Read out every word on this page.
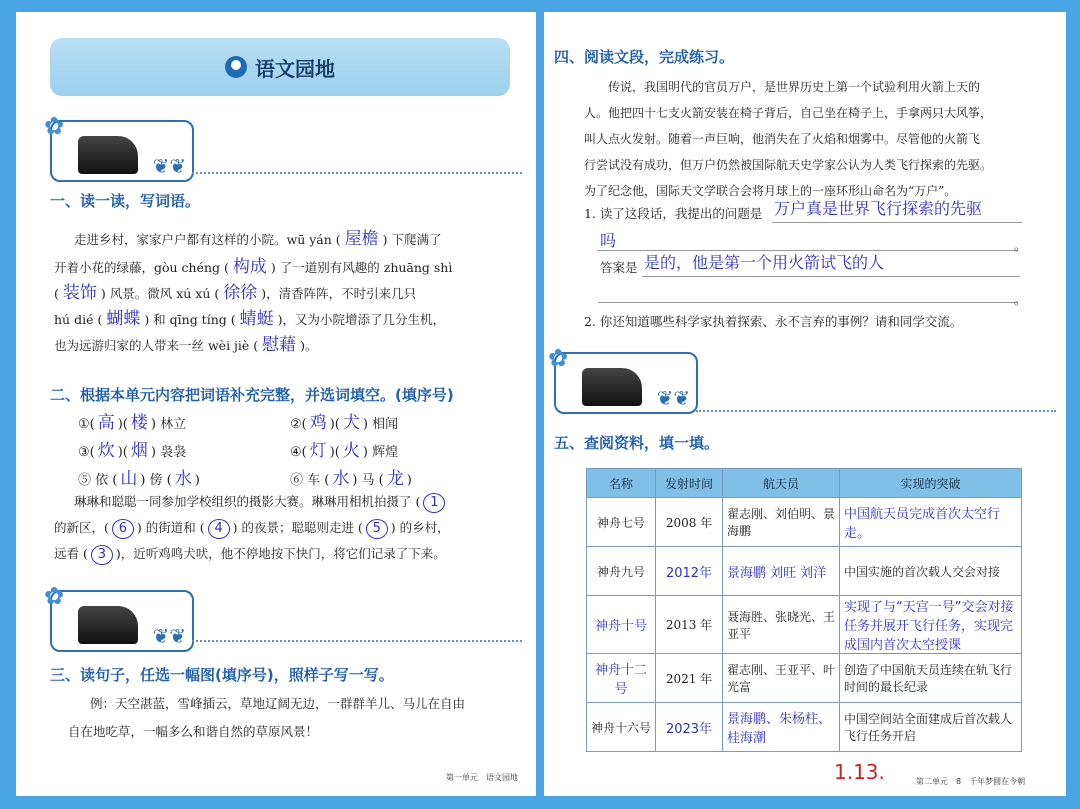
语文园地
✿
❦❦
一、读一读，写词语。
走进乡村，家家户户都有这样的小院。wū yán ( 屋檐 ) 下爬满了
开着小花的绿藤，gòu chéng ( 构成 ) 了一道别有风趣的 zhuāng shì
( 装饰 ) 风景。微风 xú xú ( 徐徐 )，清香阵阵，不时引来几只
hú dié ( 蝴蝶 ) 和 qīng tíng ( 蜻蜓 )，又为小院增添了几分生机，
也为远游归家的人带来一丝 wèi jiè ( 慰藉 )。
二、根据本单元内容把词语补充完整，并选词填空。(填序号)
①( 高 )( 楼 ) 林立	②( 鸡 )( 犬 ) 相闻
③( 炊 )( 烟 ) 袅袅	④( 灯 )( 火 ) 辉煌
⑤ 依 ( 山 ) 傍 ( 水 )	⑥ 车 ( 水 ) 马 ( 龙 )
琳琳和聪聪一同参加学校组织的摄影大赛。琳琳用相机拍摄了 ( 1
的新区，( 6 ) 的街道和 ( 4 ) 的夜景；聪聪则走进 ( 5 ) 的乡村，
远看 ( 3 )，近听鸡鸣犬吠，他不停地按下快门，将它们记录了下来。
✿
❦❦
三、读句子，任选一幅图(填序号)，照样子写一写。
例：天空湛蓝，雪峰插云，草地辽阔无边，一群群羊儿、马儿在自由
自在地吃草，一幅多么和谐自然的草原风景！
第一单元　语文园地
四、阅读文段，完成练习。
传说，我国明代的官员万户，是世界历史上第一个试验利用火箭上天的
人。他把四十七支火箭安装在椅子背后，自己坐在椅子上，手拿两只大风筝，
叫人点火发射。随着一声巨响，他消失在了火焰和烟雾中。尽管他的火箭飞
行尝试没有成功，但万户仍然被国际航天史学家公认为人类飞行探索的先驱。
为了纪念他，国际天文学联合会将月球上的一座环形山命名为“万户”。
1. 读了这段话，我提出的问题是 万户真是世界飞行探索的先驱
吗	。
答案是 是的，他是第一个用火箭试飞的人
。
2. 你还知道哪些科学家执着探索、永不言弃的事例？请和同学交流。
✿
❦❦
五、查阅资料，填一填。
名称	发射时间	航天员	实现的突破
神舟七号	2008 年	翟志刚、刘伯明、景海鹏	中国航天员完成首次太空行走。
神舟九号	2012年	景海鹏 刘旺 刘洋	中国实施的首次载人交会对接
神舟十号	2013 年	聂海胜、张晓光、王亚平	实现了与“天宫一号”交会对接任务并展开飞行任务，实现完成国内首次太空授课
神舟十二号	2021 年	翟志刚、王亚平、叶光富	创造了中国航天员连续在轨飞行时间的最长纪录
神舟十六号	2023年	景海鹏、朱杨柱、桂海潮	中国空间站全面建成后首次载人飞行任务开启
1.13.	第二单元　8　千年梦圆在今朝
